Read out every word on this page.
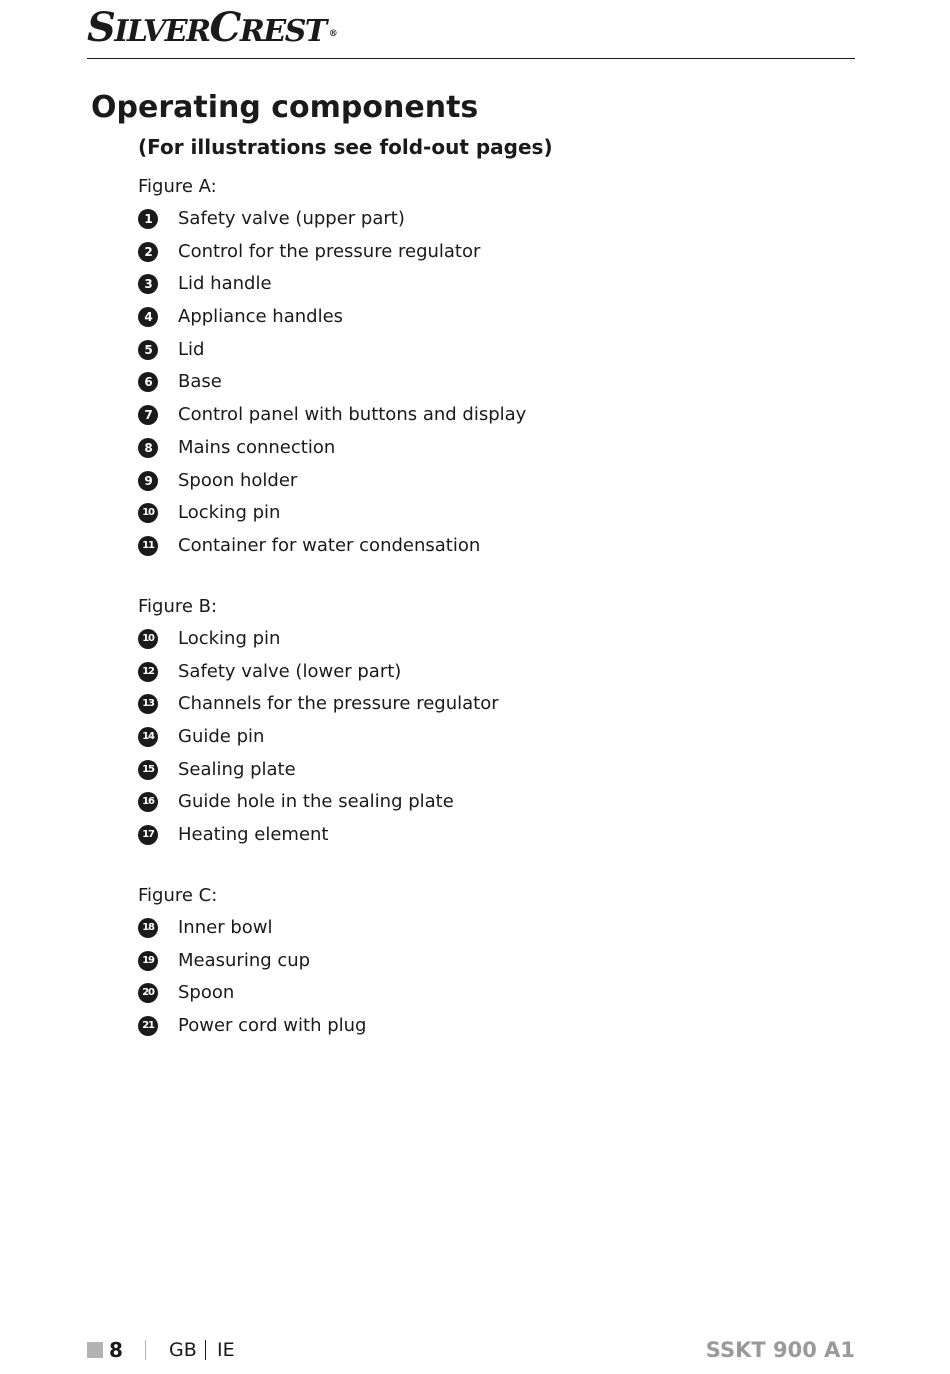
SILVERCREST ®
Operating components
(For illustrations see fold-out pages)
Figure A:
1	Safety valve (upper part)
2	Control for the pressure regulator
3	Lid handle
4	Appliance handles
5	Lid
6	Base
7	Control panel with buttons and display
8	Mains connection
9	Spoon holder
10 Locking pin
11 Container for water condensation
Figure B:
10 Locking pin
12 Safety valve (lower part)
13 Channels for the pressure regulator
14 Guide pin
15 Sealing plate
16 Guide hole in the sealing plate
17 Heating element
Figure C:
18 Inner bowl
19 Measuring cup
20 Spoon
21 Power cord with plug
8 GB IE	SSKT 900 A1
